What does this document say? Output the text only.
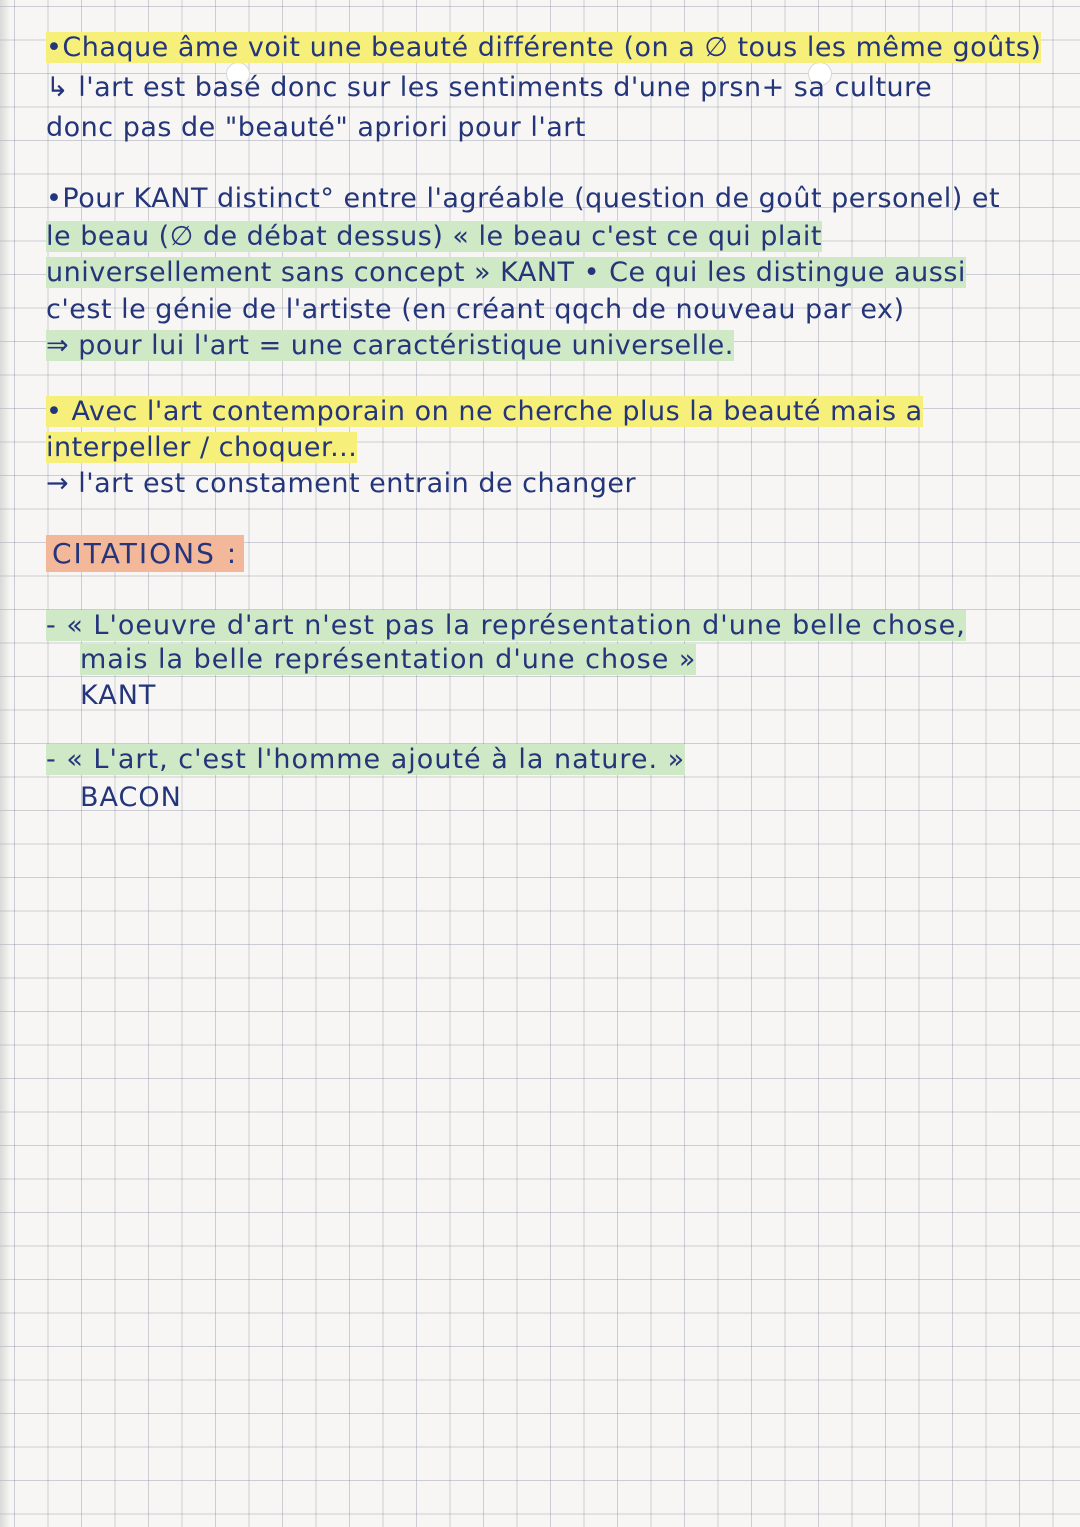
•Chaque âme voit une beauté différente (on a ∅ tous les même goûts)
↳ l'art est basé donc sur les sentiments d'une prsn+ sa culture
donc pas de "beauté" apriori pour l'art
•Pour KANT distinct° entre l'agréable (question de goût personel) et
le beau (∅ de débat dessus) « le beau c'est ce qui plait
universellement sans concept » KANT • Ce qui les distingue aussi
c'est le génie de l'artiste (en créant qqch de nouveau par ex)
⇒ pour lui l'art = une caractéristique universelle.
• Avec l'art contemporain on ne cherche plus la beauté mais a
interpeller / choquer...
→ l'art est constament entrain de changer
CITATIONS :
- « L'oeuvre d'art n'est pas la représentation d'une belle chose,
mais la belle représentation d'une chose »
KANT
- « L'art, c'est l'homme ajouté à la nature. »
BACON
